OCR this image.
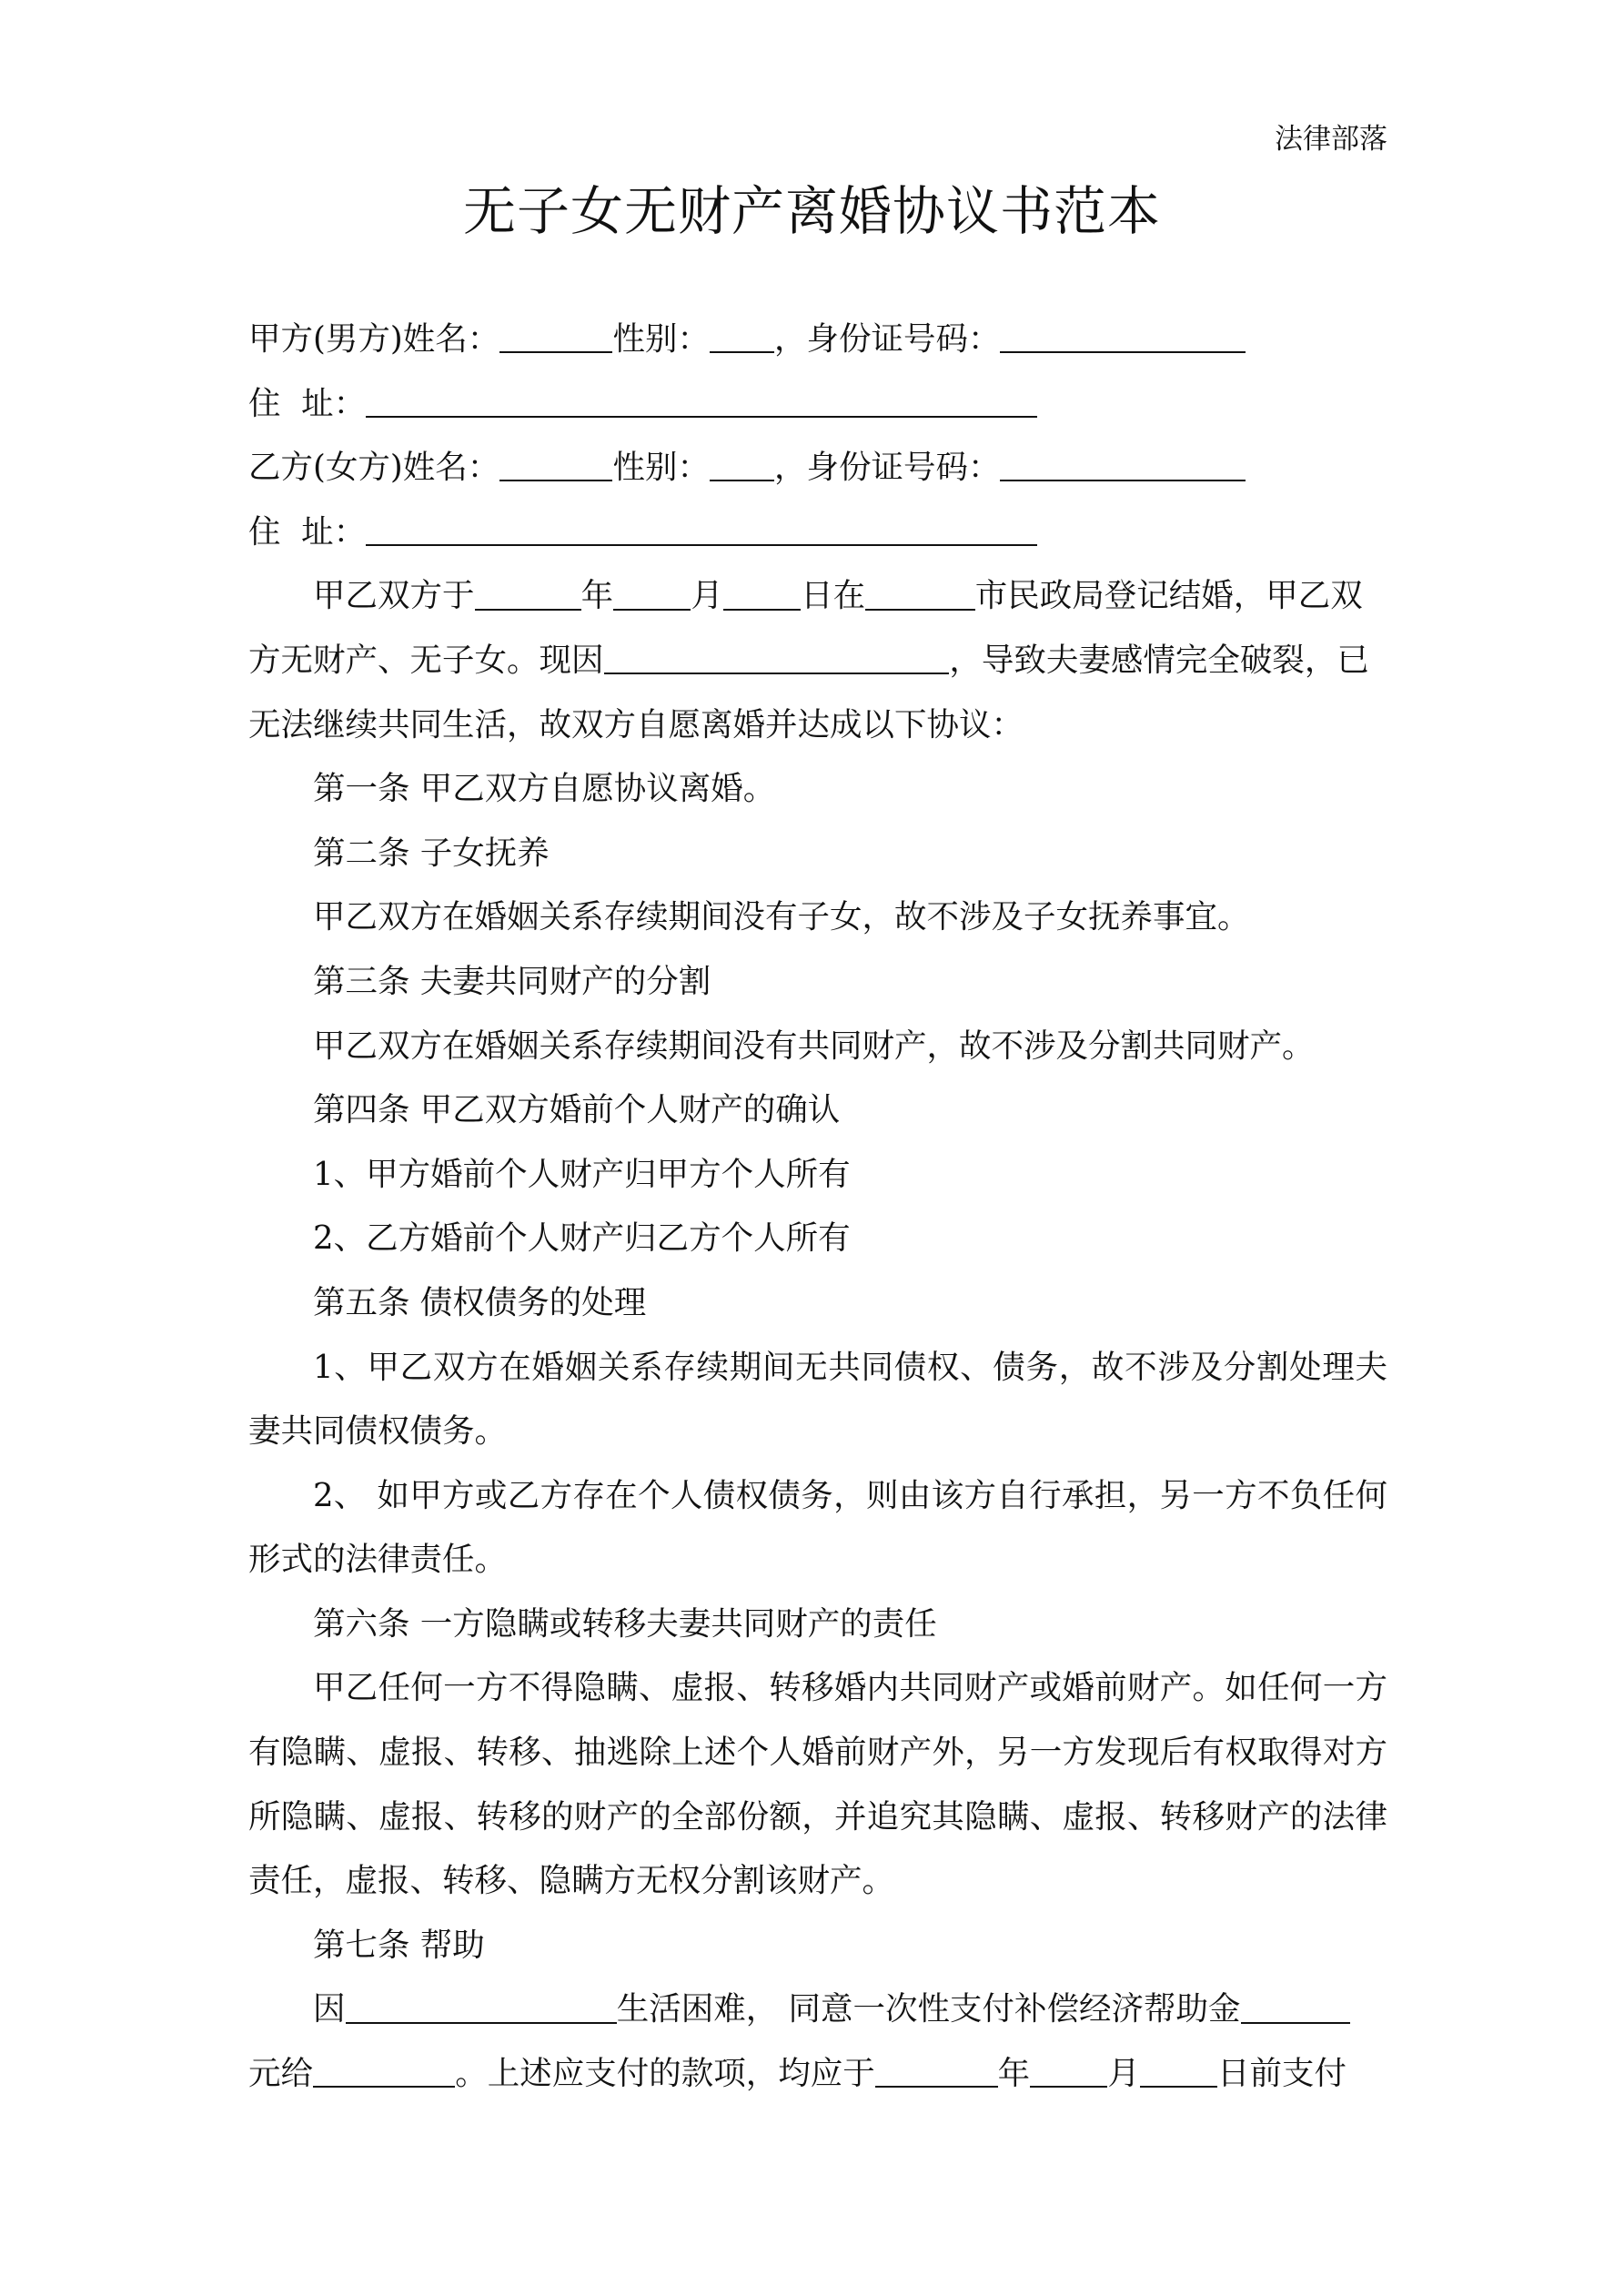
法律部落
无子女无财产离婚协议书范本
甲方(男方)姓名：	性别： ，身份证号码：
住  址：
乙方(女方)姓名：	性别： ，身份证号码：
住  址：
甲乙双方于	年 月 日在	市民政局登记结婚，甲乙双
方无财产、无子女。现因	，导致夫妻感情完全破裂，已
无法继续共同生活，故双方自愿离婚并达成以下协议：
第一条 甲乙双方自愿协议离婚。
第二条 子女抚养
甲乙双方在婚姻关系存续期间没有子女，故不涉及子女抚养事宜。
第三条 夫妻共同财产的分割
甲乙双方在婚姻关系存续期间没有共同财产，故不涉及分割共同财产。
第四条 甲乙双方婚前个人财产的确认
1、甲方婚前个人财产归甲方个人所有
2、乙方婚前个人财产归乙方个人所有
第五条 债权债务的处理
1、甲乙双方在婚姻关系存续期间无共同债权、债务，故不涉及分割处理夫
妻共同债权债务。
2、 如甲方或乙方存在个人债权债务，则由该方自行承担，另一方不负任何
形式的法律责任。
第六条 一方隐瞒或转移夫妻共同财产的责任
甲乙任何一方不得隐瞒、虚报、转移婚内共同财产或婚前财产。如任何一方
有隐瞒、虚报、转移、抽逃除上述个人婚前财产外，另一方发现后有权取得对方
所隐瞒、虚报、转移的财产的全部份额，并追究其隐瞒、虚报、转移财产的法律
责任，虚报、转移、隐瞒方无权分割该财产。
第七条 帮助
因	生活困难， 同意一次性支付补偿经济帮助金
元给	。上述应支付的款项，均应于	年 月 日前支付
